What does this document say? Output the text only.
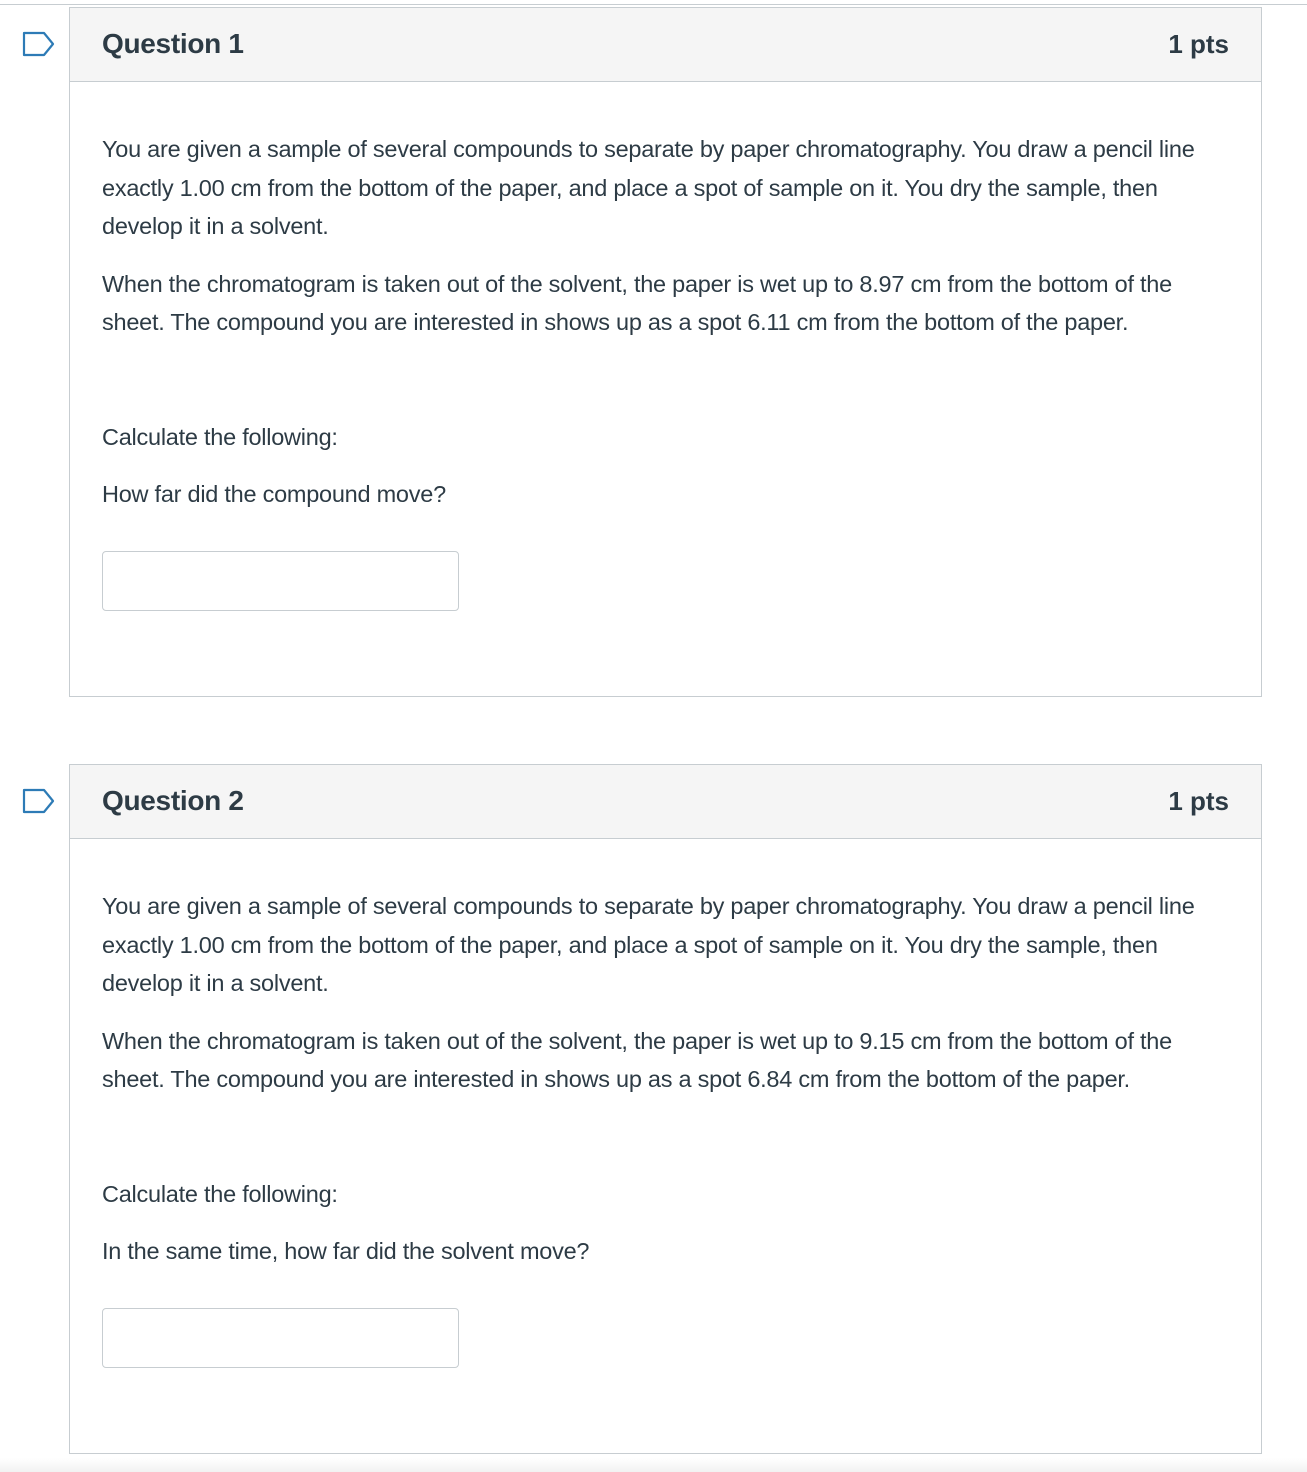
Question 1	1 pts

You are given a sample of several compounds to separate by paper chromatography. You draw a pencil line exactly 1.00 cm from the bottom of the paper, and place a spot of sample on it. You dry the sample, then develop it in a solvent.

When the chromatogram is taken out of the solvent, the paper is wet up to 8.97 cm from the bottom of the sheet. The compound you are interested in shows up as a spot 6.11 cm from the bottom of the paper.

Calculate the following:

How far did the compound move?

Question 2	1 pts

You are given a sample of several compounds to separate by paper chromatography. You draw a pencil line exactly 1.00 cm from the bottom of the paper, and place a spot of sample on it. You dry the sample, then develop it in a solvent.

When the chromatogram is taken out of the solvent, the paper is wet up to 9.15 cm from the bottom of the sheet. The compound you are interested in shows up as a spot 6.84 cm from the bottom of the paper.

Calculate the following:

In the same time, how far did the solvent move?
